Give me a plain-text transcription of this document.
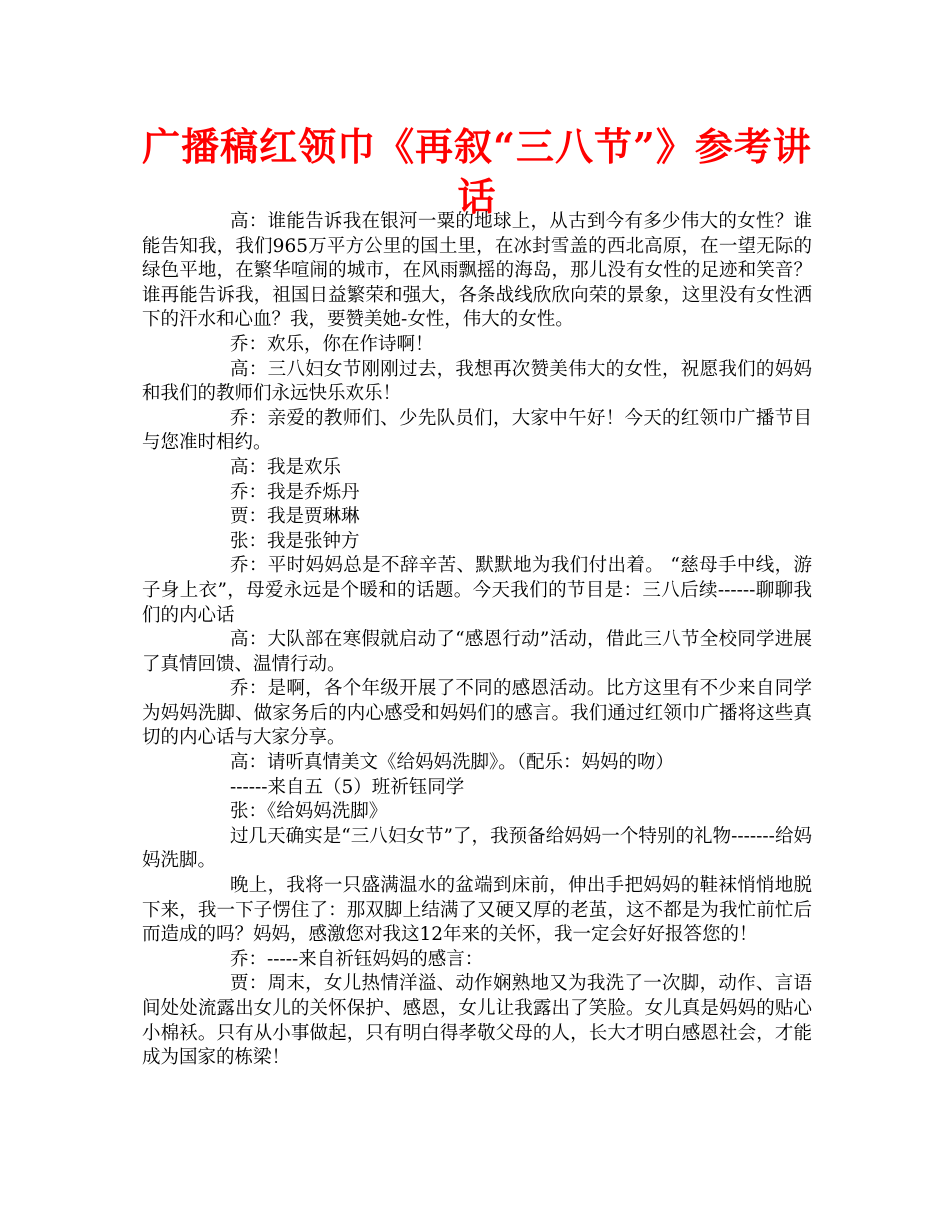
广播稿红领巾《再叙“三八节”》参考讲话

高：谁能告诉我在银河一粟的地球上，从古到今有多少伟大的女性？谁能告知我，我们965万平方公里的国土里，在冰封雪盖的西北高原，在一望无际的绿色平地，在繁华喧闹的城市，在风雨飘摇的海岛，那儿没有女性的足迹和笑音？谁再能告诉我，祖国日益繁荣和强大，各条战线欣欣向荣的景象，这里没有女性洒下的汗水和心血？我，要赞美她-女性，伟大的女性。

乔：欢乐，你在作诗啊！

高：三八妇女节刚刚过去，我想再次赞美伟大的女性，祝愿我们的妈妈和我们的教师们永远快乐欢乐！

乔：亲爱的教师们、少先队员们，大家中午好！今天的红领巾广播节目与您准时相约。

高：我是欢乐

乔：我是乔烁丹

贾：我是贾琳琳

张：我是张钟方

乔：平时妈妈总是不辞辛苦、默默地为我们付出着。 “慈母手中线，游子身上衣”，母爱永远是个暖和的话题。今天我们的节目是：三八后续------聊聊我们的内心话

高：大队部在寒假就启动了“感恩行动”活动，借此三八节全校同学进展了真情回馈、温情行动。

乔：是啊，各个年级开展了不同的感恩活动。比方这里有不少来自同学为妈妈洗脚、做家务后的内心感受和妈妈们的感言。我们通过红领巾广播将这些真切的内心话与大家分享。

高：请听真情美文《给妈妈洗脚》。（配乐：妈妈的吻）

------来自五（5）班祈钰同学

张：《给妈妈洗脚》

过几天确实是“三八妇女节”了，我预备给妈妈一个特别的礼物-------给妈妈洗脚。

晚上，我将一只盛满温水的盆端到床前，伸出手把妈妈的鞋袜悄悄地脱下来，我一下子愣住了：那双脚上结满了又硬又厚的老茧，这不都是为我忙前忙后而造成的吗？妈妈，感激您对我这12年来的关怀，我一定会好好报答您的！

乔：-----来自祈钰妈妈的感言：

贾：周末，女儿热情洋溢、动作娴熟地又为我洗了一次脚，动作、言语间处处流露出女儿的关怀保护、感恩，女儿让我露出了笑脸。女儿真是妈妈的贴心小棉袄。只有从小事做起，只有明白得孝敬父母的人，长大才明白感恩社会，才能成为国家的栋梁！
